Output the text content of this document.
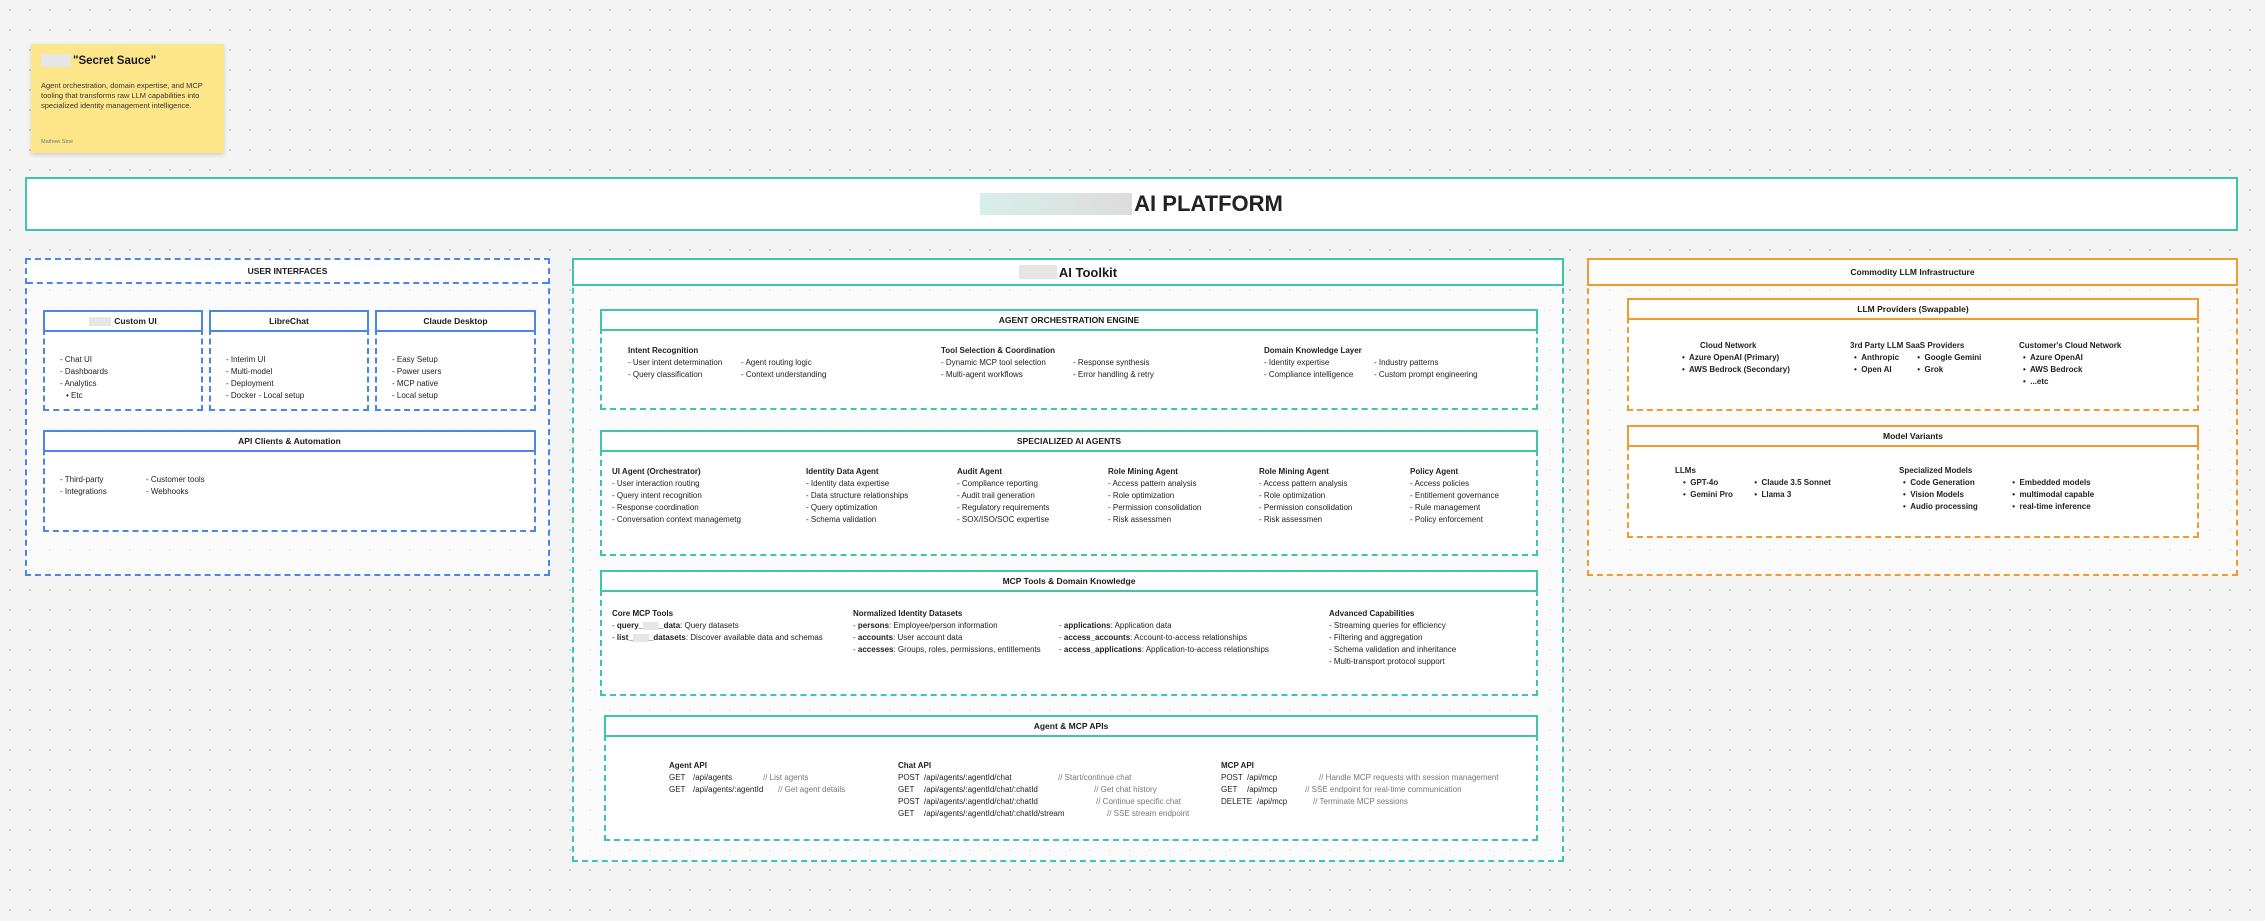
"Secret Sauce"
Agent orchestration, domain expertise, and MCP tooling that transforms raw LLM capabilities into specialized identity management intelligence.
Mathew Stoe
AI PLATFORM
USER INTERFACES
Custom UI
- Chat UI
- Dashboards
- Analytics
• Etc
LibreChat
- Interim UI
- Multi-model
- Deployment
- Docker - Local setup
Claude Desktop
- Easy Setup
- Power users
- MCP native
- Local setup
API Clients & Automation
- Third-party
- Integrations
- Customer tools
- Webhooks
AI Toolkit
AGENT ORCHESTRATION ENGINE
Intent Recognition
- User intent determination
- Query classification
- Agent routing logic
- Context understanding
Tool Selection & Coordination
- Dynamic MCP tool selection
- Multi-agent workflows
- Response synthesis
- Error handling & retry
Domain Knowledge Layer
- Identity expertise
- Compliance intelligence
- Industry patterns
- Custom prompt engineering
SPECIALIZED AI AGENTS
UI Agent (Orchestrator)
- User interaction routing
- Query intent recognition
- Response coordination
- Conversation context managemetg
Identity Data Agent
- Identity data expertise
- Data structure relationships
- Query optimization
- Schema validation
Audit Agent
- Compliance reporting
- Audit trail generation
- Regulatory requirements
- SOX/ISO/SOC expertise
Role Mining Agent
- Access pattern analysis
- Role optimization
- Permission consolidation
- Risk assessmen
Role Mining Agent
- Access pattern analysis
- Role optimization
- Permission consolidation
- Risk assessmen
Policy Agent
- Access policies
- Entitlement governance
- Rule management
- Policy enforcement
MCP Tools & Domain Knowledge
Core MCP Tools
- query_ _data: Query datasets
- list_ _datasets: Discover available data and schemas
Normalized Identity Datasets
- persons: Employee/person information
- accounts: User account data
- accesses: Groups, roles, permissions, entitlements
- applications: Application data
- access_accounts: Account-to-access relationships
- access_applications: Application-to-access relationships
Advanced Capabilities
- Streaming queries for efficiency
- Filtering and aggregation
- Schema validation and inheritance
- Multi-transport protocol support
Agent & MCP APIs
Agent API
GET /api/agents	// List agents
GET /api/agents/:agentId // Get agent details
Chat API
POST /api/agents/:agentId/chat	// Start/continue chat
GET /api/agents/:agentId/chat/:chatId	// Get chat history
POST /api/agents/:agentId/chat/:chatId	// Continue specific chat
GET /api/agents/:agentId/chat/:chatId/stream	// SSE stream endpoint
MCP API
POST /api/mcp	// Handle MCP requests with session management
GET /api/mcp	// SSE endpoint for real-time communication
DELETE /api/mcp	// Terminate MCP sessions
Commodity LLM Infrastructure
LLM Providers (Swappable)
Cloud Network
•  Azure OpenAI (Primary)
•  AWS Bedrock (Secondary)
3rd Party LLM SaaS Providers
•  Anthropic •  Google Gemini
•  Open AI	•  Grok
Customer's Cloud Network
•  Azure OpenAI
•  AWS Bedrock
•  ...etc
Model Variants
LLMs
•  GPT-4o	•  Claude 3.5 Sonnet
•  Gemini Pro	•  Llama 3
Specialized Models
•  Code Generation	•  Embedded models
•  Vision Models	•  multimodal capable
•  Audio processing	•  real-time inference
